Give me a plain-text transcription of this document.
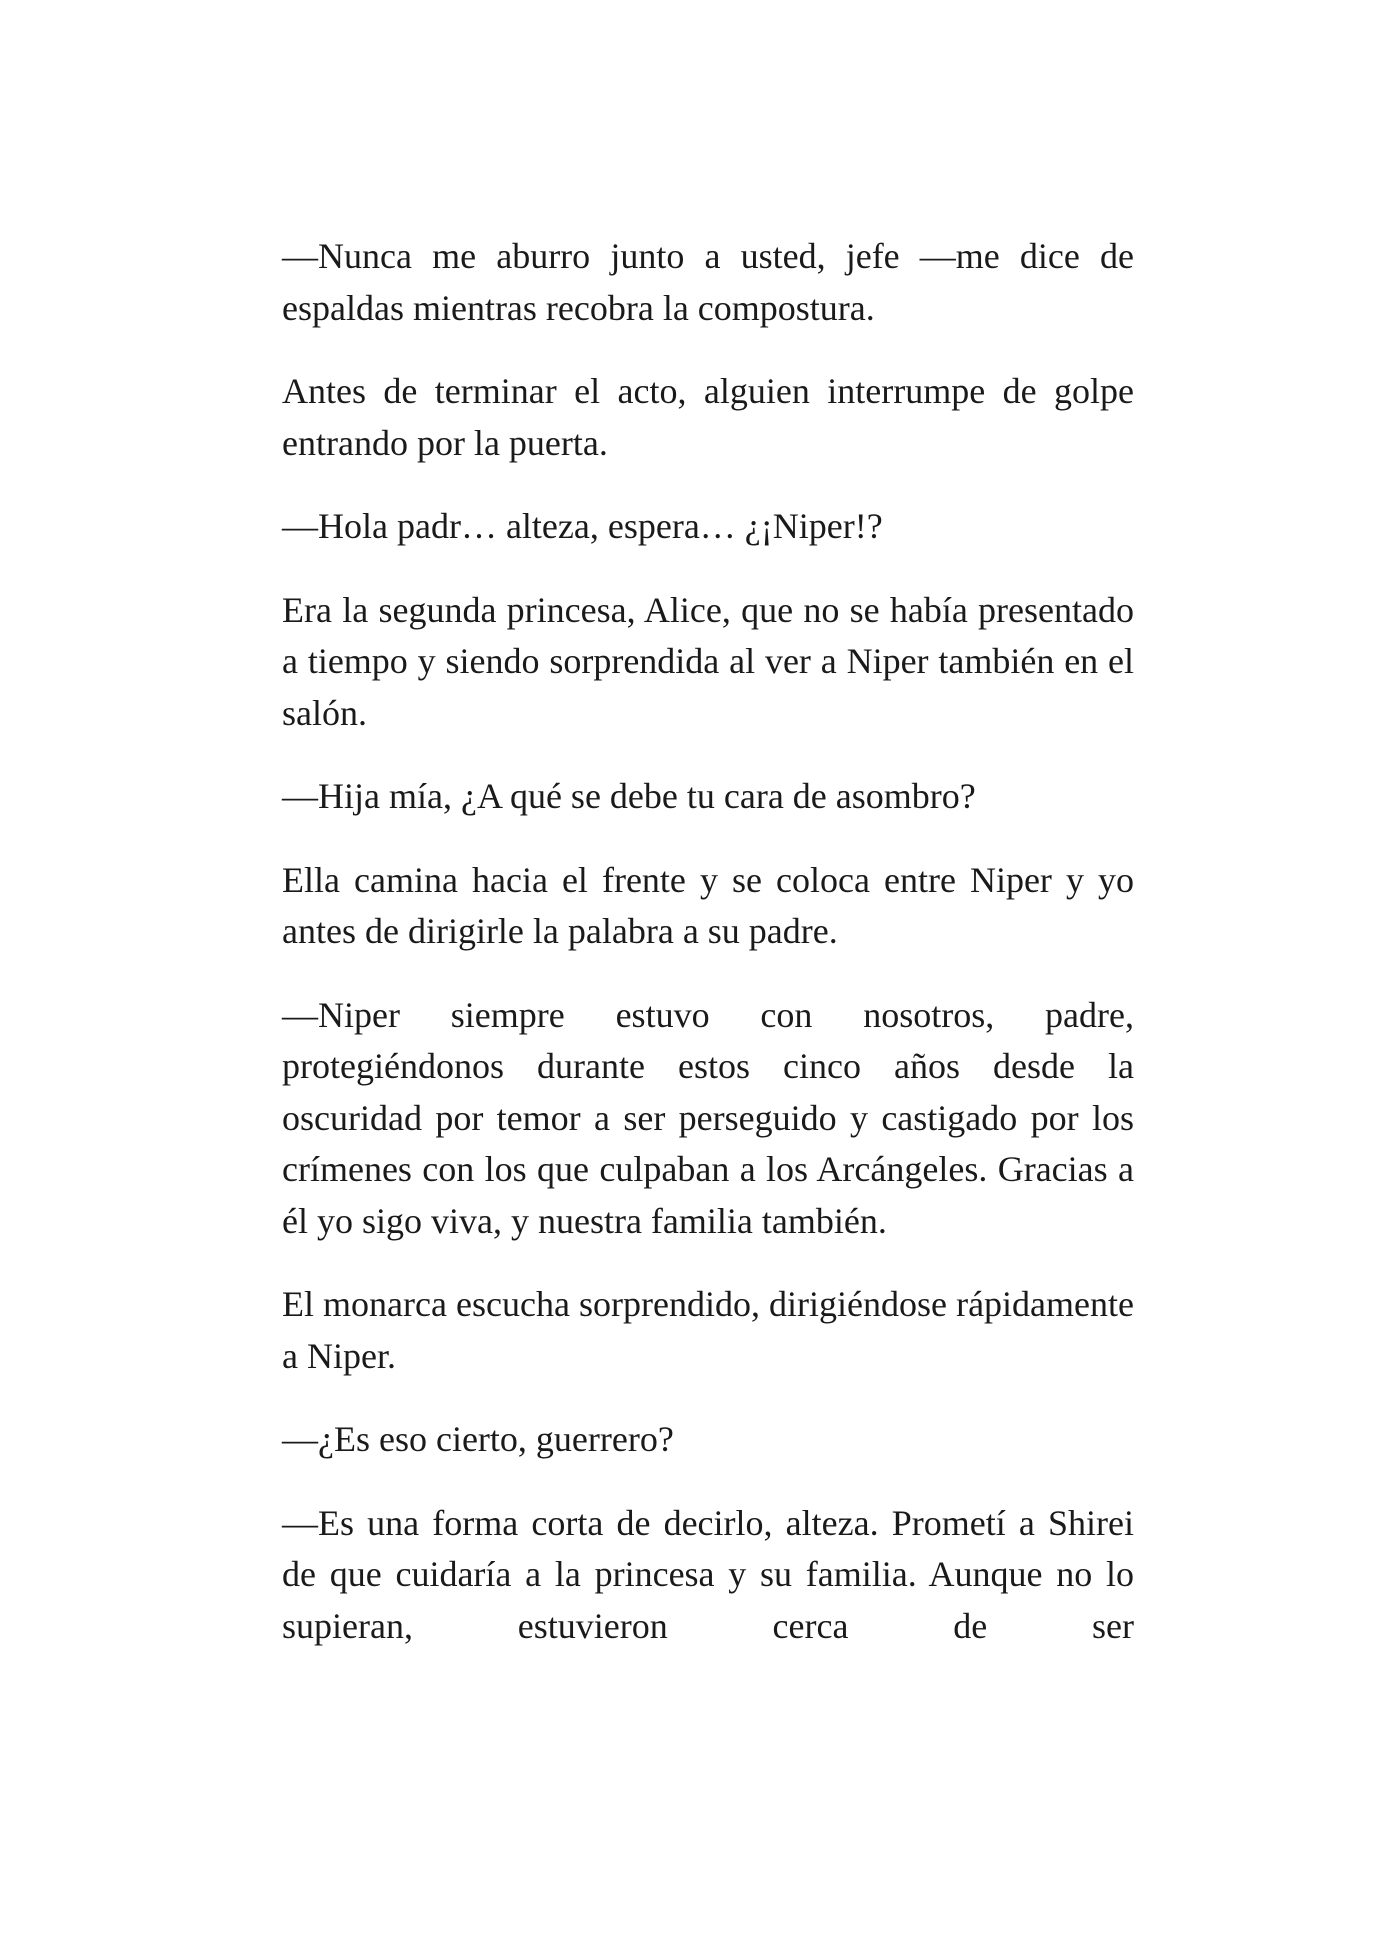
—Nunca me aburro junto a usted, jefe —me dice de espaldas mientras recobra la compostura.

Antes de terminar el acto, alguien interrumpe de golpe entrando por la puerta.

—Hola padr… alteza, espera… ¿¡Niper!?

Era la segunda princesa, Alice, que no se había presentado a tiempo y siendo sorprendida al ver a Niper también en el salón.

—Hija mía, ¿A qué se debe tu cara de asombro?

Ella camina hacia el frente y se coloca entre Niper y yo antes de dirigirle la palabra a su padre.

—Niper siempre estuvo con nosotros, padre, protegiéndonos durante estos cinco años desde la oscuridad por temor a ser perseguido y castigado por los crímenes con los que culpaban a los Arcángeles. Gracias a él yo sigo viva, y nuestra familia también.

El monarca escucha sorprendido, dirigiéndose rápidamente a Niper.

—¿Es eso cierto, guerrero?

—Es una forma corta de decirlo, alteza. Prometí a Shirei de que cuidaría a la princesa y su familia. Aunque no lo supieran, estuvieron cerca de ser
